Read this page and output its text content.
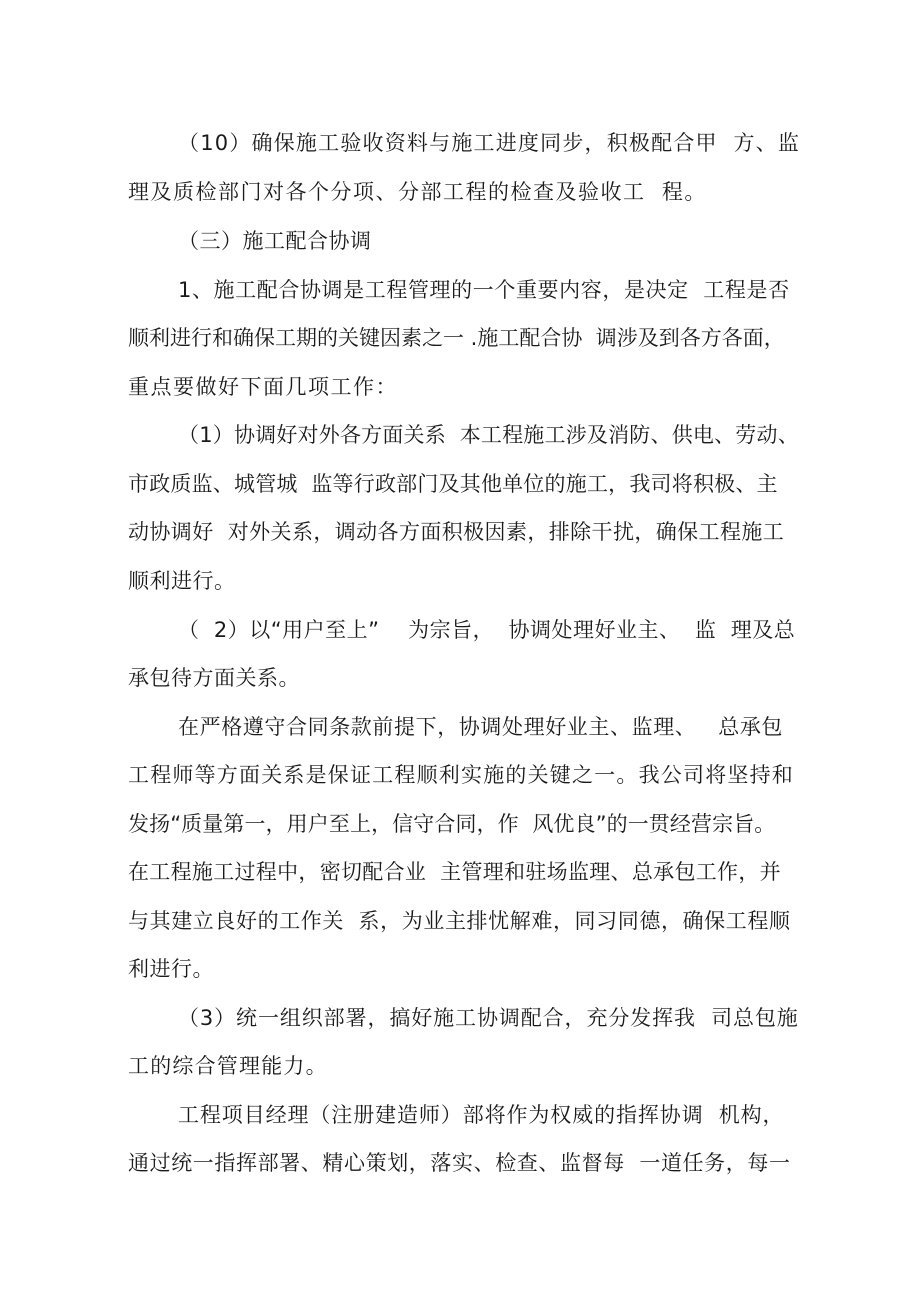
（10）确保施工验收资料与施工进度同步，积极配合甲  方、监
理及质检部门对各个分项、分部工程的检查及验收工  程。
（三）施工配合协调
1、施工配合协调是工程管理的一个重要内容，是决定  工程是否
顺利进行和确保工期的关键因素之一 .施工配合协  调涉及到各方各面，
重点要做好下面几项工作：
（1）协调好对外各方面关系  本工程施工涉及消防、供电、劳动、
市政质监、城管城  监等行政部门及其他单位的施工，我司将积极、主
动协调好  对外关系，调动各方面积极因素，排除干扰，确保工程施工
顺利进行。
（  2）以“用户至上”    为宗旨，  协调处理好业主、  监  理及总
承包待方面关系。
在严格遵守合同条款前提下，协调处理好业主、监理、   总承包
工程师等方面关系是保证工程顺利实施的关键之一。我公司将坚持和
发扬“质量第一，用户至上，信守合同，作  风优良”的一贯经营宗旨。
在工程施工过程中，密切配合业  主管理和驻场监理、总承包工作，并
与其建立良好的工作关  系，为业主排忧解难，同习同德，确保工程顺
利进行。
（3）统一组织部署，搞好施工协调配合，充分发挥我  司总包施
工的综合管理能力。
工程项目经理（注册建造师）部将作为权威的指挥协调  机构，
通过统一指挥部署、精心策划，落实、检查、监督每  一道任务，每一
